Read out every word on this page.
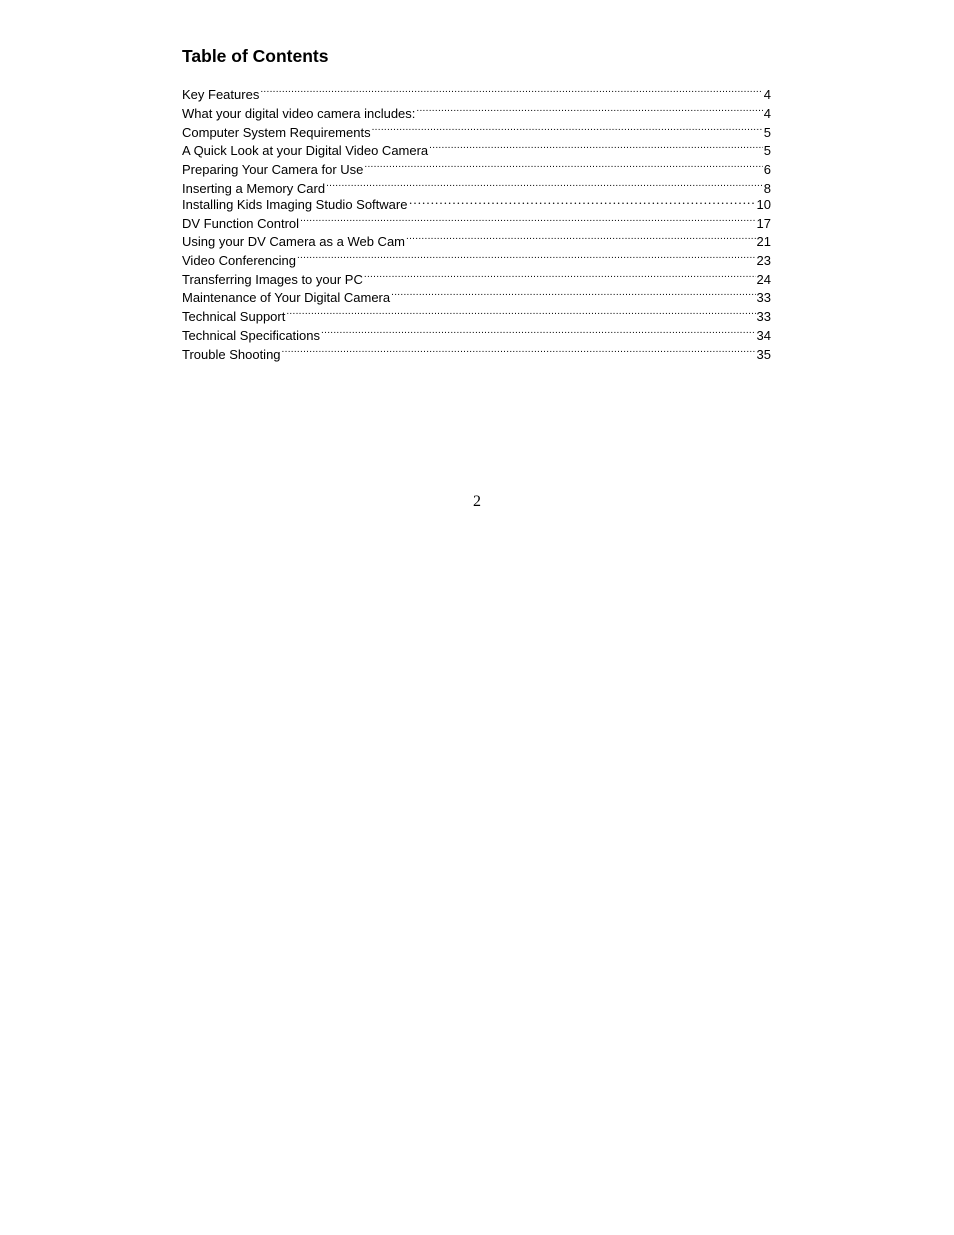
Table of Contents
Key Features .....	4
What your digital video camera includes: .....	4
Computer System Requirements .....	5
A Quick Look at your Digital Video Camera .....	5
Preparing Your Camera for Use .....	6
Inserting a Memory Card .....	8
Installing Kids Imaging Studio Software …………………………………………………………………………………………………………………………………………………………………………………………	10
DV Function Control .....	17
Using your DV Camera as a Web Cam .....	21
Video Conferencing .....	23
Transferring Images to your PC .....	24
Maintenance of Your Digital Camera .....	33
Technical Support .....	33
Technical Specifications .....	34
Trouble Shooting .....	35
2
